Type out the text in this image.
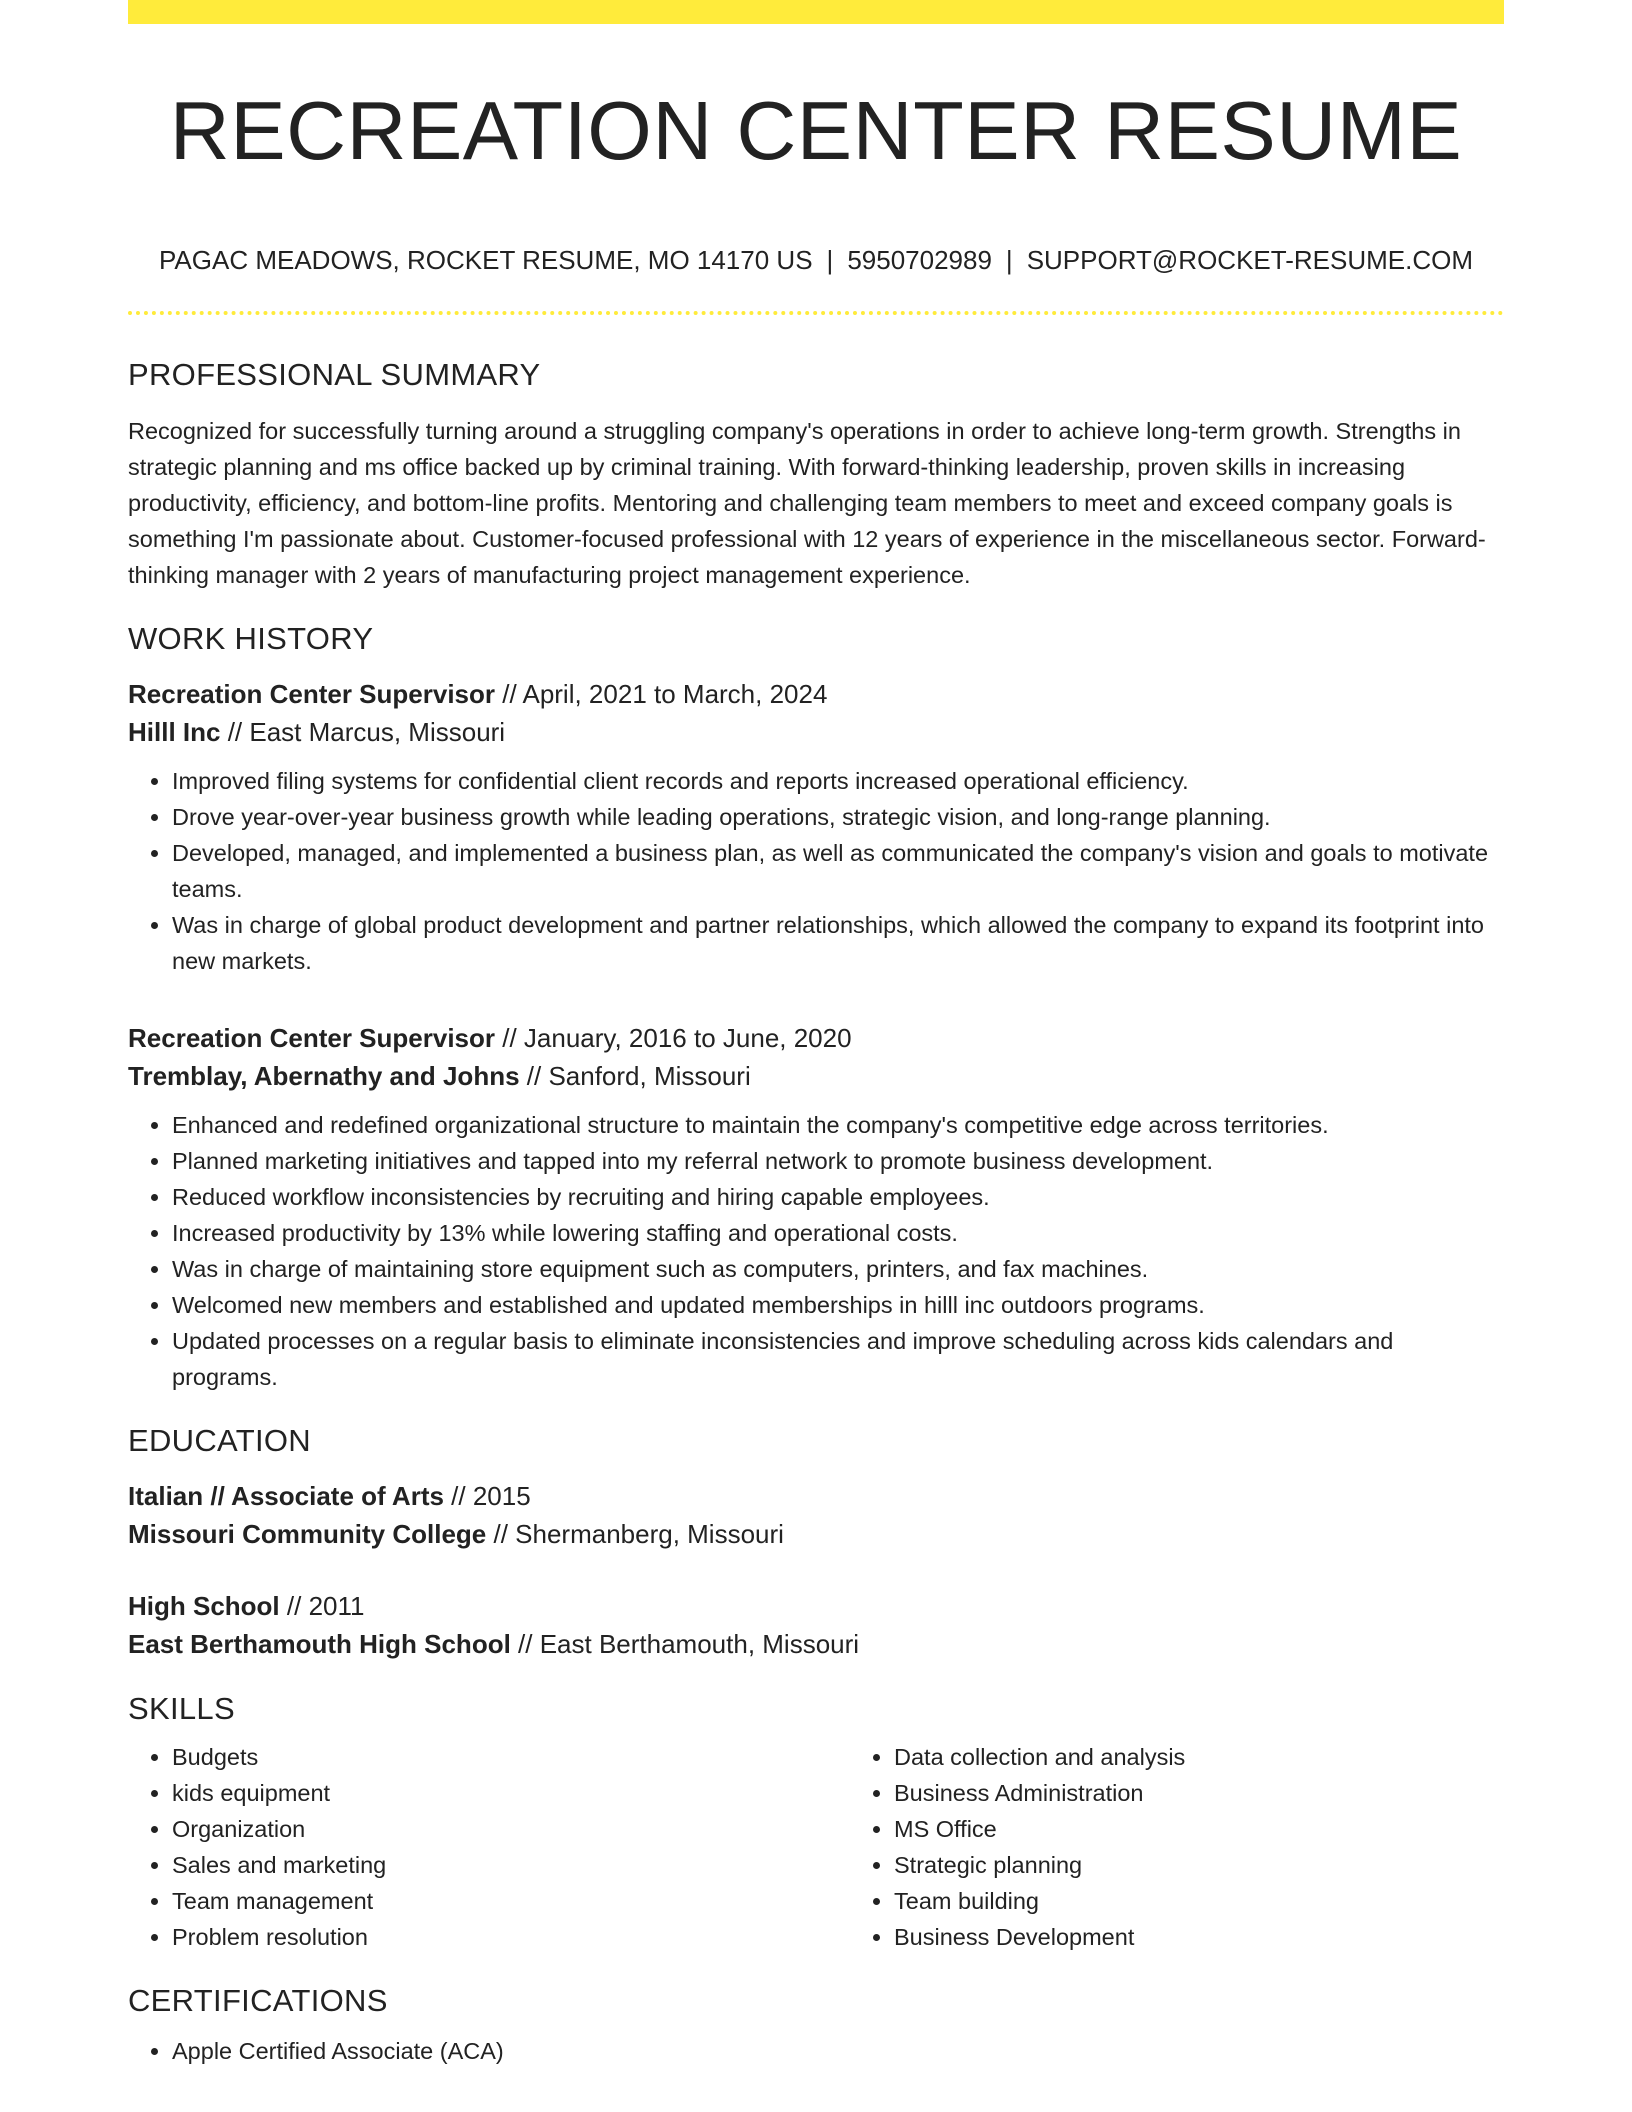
RECREATION CENTER RESUME
PAGAC MEADOWS, ROCKET RESUME, MO 14170 US | 5950702989 | SUPPORT@ROCKET-RESUME.COM
PROFESSIONAL SUMMARY
Recognized for successfully turning around a struggling company's operations in order to achieve long-term growth. Strengths in strategic planning and ms office backed up by criminal training. With forward-thinking leadership, proven skills in increasing productivity, efficiency, and bottom-line profits. Mentoring and challenging team members to meet and exceed company goals is something I'm passionate about. Customer-focused professional with 12 years of experience in the miscellaneous sector. Forward-thinking manager with 2 years of manufacturing project management experience.
WORK HISTORY
Recreation Center Supervisor // April, 2021 to March, 2024
Hilll Inc // East Marcus, Missouri
• Improved filing systems for confidential client records and reports increased operational efficiency.
• Drove year-over-year business growth while leading operations, strategic vision, and long-range planning.
• Developed, managed, and implemented a business plan, as well as communicated the company's vision and goals to motivate teams.
• Was in charge of global product development and partner relationships, which allowed the company to expand its footprint into new markets.
Recreation Center Supervisor // January, 2016 to June, 2020
Tremblay, Abernathy and Johns // Sanford, Missouri
• Enhanced and redefined organizational structure to maintain the company's competitive edge across territories.
• Planned marketing initiatives and tapped into my referral network to promote business development.
• Reduced workflow inconsistencies by recruiting and hiring capable employees.
• Increased productivity by 13% while lowering staffing and operational costs.
• Was in charge of maintaining store equipment such as computers, printers, and fax machines.
• Welcomed new members and established and updated memberships in hilll inc outdoors programs.
• Updated processes on a regular basis to eliminate inconsistencies and improve scheduling across kids calendars and programs.
EDUCATION
Italian // Associate of Arts // 2015
Missouri Community College // Shermanberg, Missouri
High School // 2011
East Berthamouth High School // East Berthamouth, Missouri
SKILLS
• Budgets
• kids equipment
• Organization
• Sales and marketing
• Team management
• Problem resolution
• Data collection and analysis
• Business Administration
• MS Office
• Strategic planning
• Team building
• Business Development
CERTIFICATIONS
• Apple Certified Associate (ACA)
